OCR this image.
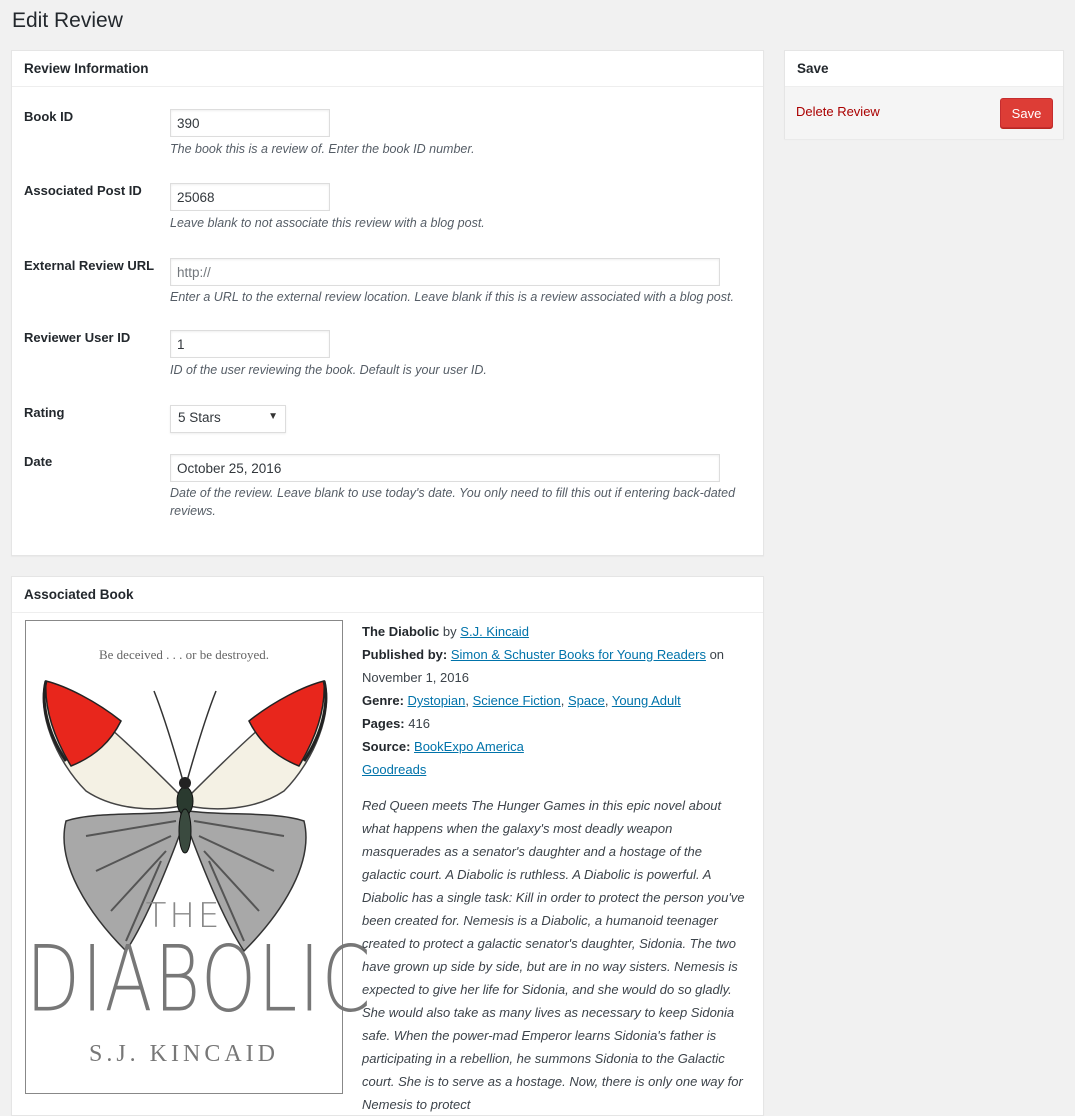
Edit Review
Review Information
Book ID
390
The book this is a review of. Enter the book ID number.
Associated Post ID
25068
Leave blank to not associate this review with a blog post.
External Review URL
http://
Enter a URL to the external review location. Leave blank if this is a review associated with a blog post.
Reviewer User ID
1
ID of the user reviewing the book. Default is your user ID.
Rating	5 Stars	▼
Date
October 25, 2016
Date of the review. Leave blank to use today's date. You only need to fill this out if entering back-dated reviews.
Save
Delete Review	Save
Associated Book
Be deceived . . . or be destroyed.
THE
DIABOLIC
S.J. KINCAID
The Diabolic by S.J. Kincaid
Published by: Simon & Schuster Books for Young Readers on November 1, 2016
Genre: Dystopian, Science Fiction, Space, Young Adult
Pages: 416
Source: BookExpo America
Goodreads
Red Queen meets The Hunger Games in this epic novel about what happens when the galaxy's most deadly weapon masquerades as a senator's daughter and a hostage of the galactic court. A Diabolic is ruthless. A Diabolic is powerful. A Diabolic has a single task: Kill in order to protect the person you've been created for. Nemesis is a Diabolic, a humanoid teenager created to protect a galactic senator's daughter, Sidonia. The two have grown up side by side, but are in no way sisters. Nemesis is expected to give her life for Sidonia, and she would do so gladly. She would also take as many lives as necessary to keep Sidonia safe. When the power-mad Emperor learns Sidonia's father is participating in a rebellion, he summons Sidonia to the Galactic court. She is to serve as a hostage. Now, there is only one way for Nemesis to protect
